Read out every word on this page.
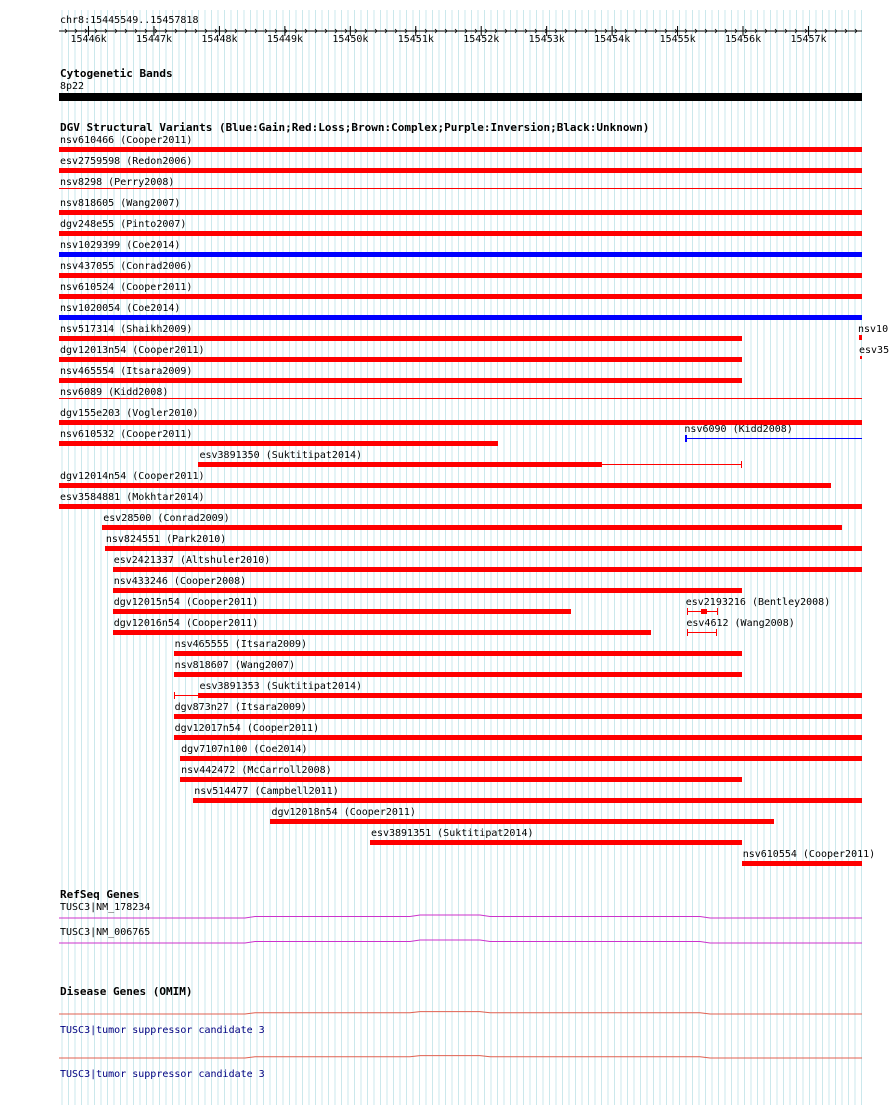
chr8:15445549..15457818
15446k	15447k	15448k	15449k	15450k	15451k	15452k	15453k	15454k	15455k	15456k	15457k
Cytogenetic Bands
8p22
DGV Structural Variants (Blue:Gain;Red:Loss;Brown:Complex;Purple:Inversion;Black:Unknown)
nsv610466 (Cooper2011)
esv2759598 (Redon2006)
nsv8298 (Perry2008)
nsv818605 (Wang2007)
dgv248e55 (Pinto2007)
nsv1029399 (Coe2014)
nsv437055 (Conrad2006)
nsv610524 (Cooper2011)
nsv1020054 (Coe2014)
nsv517314 (Shaikh2009)
dgv12013n54 (Cooper2011)
nsv465554 (Itsara2009)
nsv6089 (Kidd2008)
dgv155e203 (Vogler2010)
nsv610532 (Cooper2011)
esv3891350 (Suktitipat2014)
dgv12014n54 (Cooper2011)
esv3584881 (Mokhtar2014)
esv28500 (Conrad2009)
nsv824551 (Park2010)
esv2421337 (Altshuler2010)
nsv433246 (Cooper2008)
dgv12015n54 (Cooper2011)
dgv12016n54 (Cooper2011)
nsv465555 (Itsara2009)
nsv818607 (Wang2007)
esv3891353 (Suktitipat2014)
dgv873n27 (Itsara2009)
dgv12017n54 (Cooper2011)
dgv7107n100 (Coe2014)
nsv442472 (McCarroll2008)
nsv514477 (Campbell2011)
dgv12018n54 (Cooper2011)
esv3891351 (Suktitipat2014)
nsv610554 (Cooper2011)
nsv10
esv35
nsv6090 (Kidd2008)
esv2193216 (Bentley2008)
esv4612 (Wang2008)
RefSeq Genes
TUSC3|NM_178234
TUSC3|NM_006765
Disease Genes (OMIM)
TUSC3|tumor suppressor candidate 3
TUSC3|tumor suppressor candidate 3
